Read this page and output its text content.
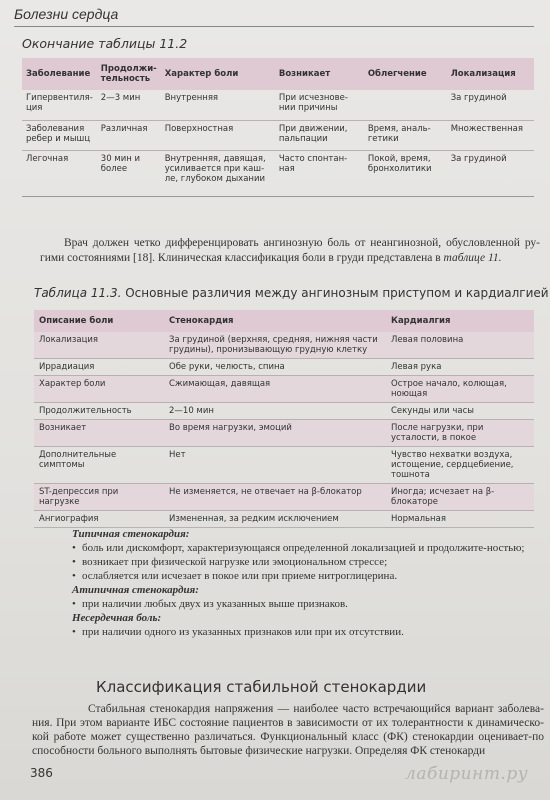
Болезни сердца
Окончание таблицы 11.2
Заболевание	Продолжи-тельность	Характер боли	Возникает	Облегчение	Локализация
Гипервентиля-ция	2—3 мин	Внутренняя	При исчезнове-нии причины		За грудиной
Заболевания ребер и мышц	Различная	Поверхностная	При движении, пальпации	Время, аналь-гетики	Множественная
Легочная	30 мин и более	Внутренняя, давящая, усиливается при каш-ле, глубоком дыхании	Часто спонтан-ная	Покой, время, бронхолитики	За грудиной

Врач должен четко дифференцировать ангинозную боль от неангинозной, обусловленной ру-гими состояниями [18]. Клиническая классификация боли в груди представлена в таблице 11.

Таблица 11.3. Основные различия между ангинозным приступом и кардиалгией
Описание боли	Стенокардия	Кардиалгия
Локализация	За грудиной (верхняя, средняя, нижняя части грудины), пронизывающую грудную клетку	Левая половина
Иррадиация	Обе руки, челюсть, спина	Левая рука
Характер боли	Сжимающая, давящая	Острое начало, колющая, ноющая
Продолжительность	2—10 мин	Секунды или часы
Возникает	Во время нагрузки, эмоций	После нагрузки, при усталости, в покое
Дополнительные симптомы	Нет	Чувство нехватки воздуха, истощение, сердцебиение, тошнота
ST-депрессия при нагрузке	Не изменяется, не отвечает на β-блокатор	Иногда; исчезает на β-блокаторе
Ангиография	Измененная, за редким исключением	Нормальная
Типичная стенокардия:
• боль или дискомфорт, характеризующаяся определенной локализацией и продолжите-ностью;
• возникает при физической нагрузке или эмоциональном стрессе;
• ослабляется или исчезает в покое или при приеме нитроглицерина.
Атипичная стенокардия:
• при наличии любых двух из указанных выше признаков.
Несердечная боль:
• при наличии одного из указанных признаков или при их отсутствии.
Классификация стабильной стенокардии

Стабильная стенокардия напряжения — наиболее часто встречающийся вариант заболева-ния. При этом варианте ИБС состояние пациентов в зависимости от их толерантности к динамическо-кой работе может существенно различаться. Функциональный класс (ФК) стенокардии оценивает-по способности больного выполнять бытовые физические нагрузки. Определяя ФК стенокарди

386	лабиринт.ру
